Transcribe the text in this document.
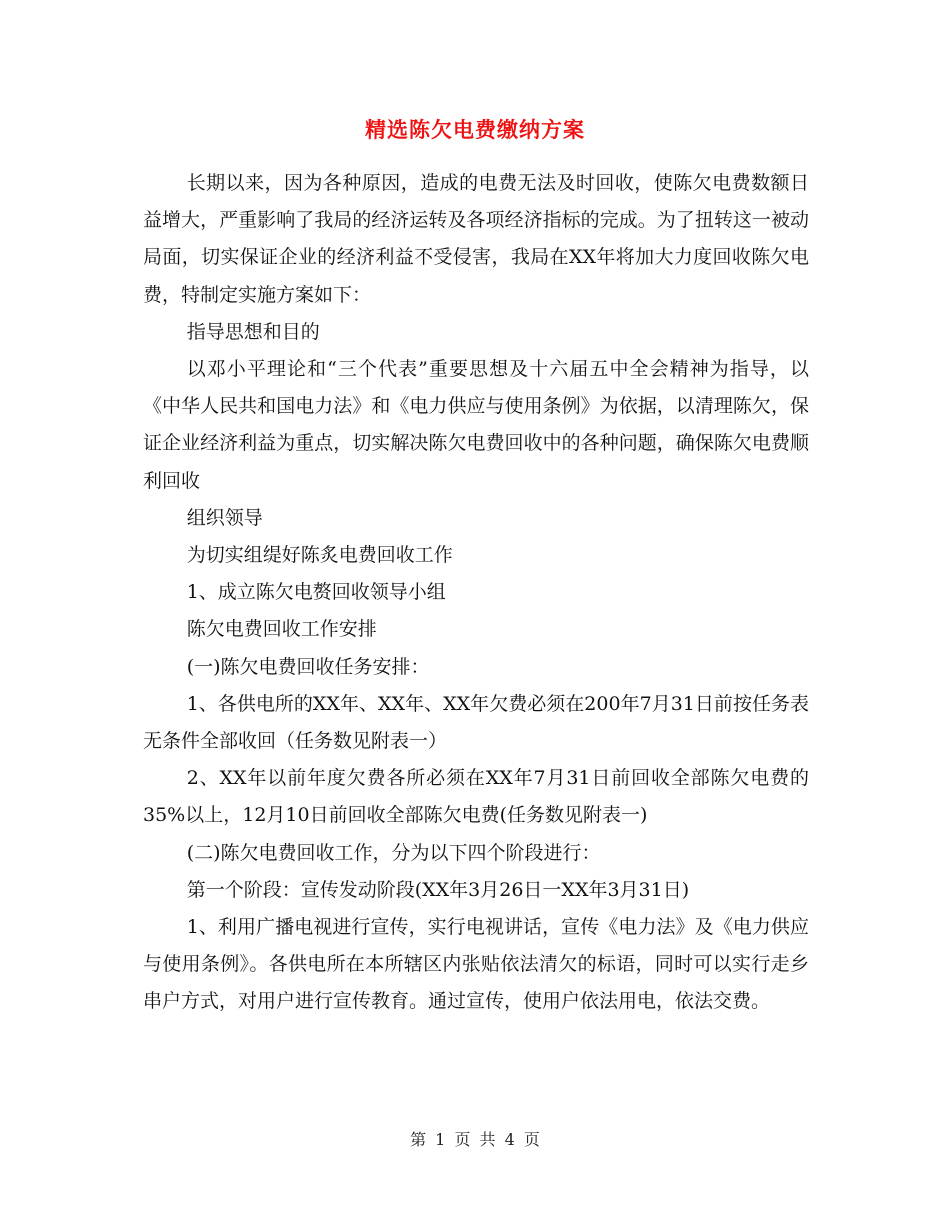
精选陈欠电费缴纳方案

长期以来，因为各种原因，造成的电费无法及时回收，使陈欠电费数额日益增大，严重影响了我局的经济运转及各项经济指标的完成。为了扭转这一被动局面，切实保证企业的经济利益不受侵害，我局在XX年将加大力度回收陈欠电费，特制定实施方案如下：

指导思想和目的

以邓小平理论和“三个代表”重要思想及十六届五中全会精神为指导，以《中华人民共和国电力法》和《电力供应与使用条例》为依据，以清理陈欠，保证企业经济利益为重点，切实解决陈欠电费回收中的各种问题，确保陈欠电费顺利回收

组织领导

为切实组缇好陈炙电费回收工作

1、成立陈欠电赘回收领导小组

陈欠电费回收工作安排

(一)陈欠电费回收任务安排：

1、各供电所的XX年、XX年、XX年欠费必须在200年7月31日前按任务表无条件全部收回（任务数见附表一）

2、XX年以前年度欠费各所必须在XX年7月31日前回收全部陈欠电费的35%以上，12月10日前回收全部陈欠电费(任务数见附表一)

(二)陈欠电费回收工作，分为以下四个阶段进行：

第一个阶段：宣传发动阶段(XX年3月26日一XX年3月31日)

1、利用广播电视进行宣传，实行电视讲话，宣传《电力法》及《电力供应与使用条例》。各供电所在本所辖区内张贴依法清欠的标语，同时可以实行走乡串户方式，对用户进行宣传教育。通过宣传，使用户依法用电，依法交费。

第 1 页 共 4 页
